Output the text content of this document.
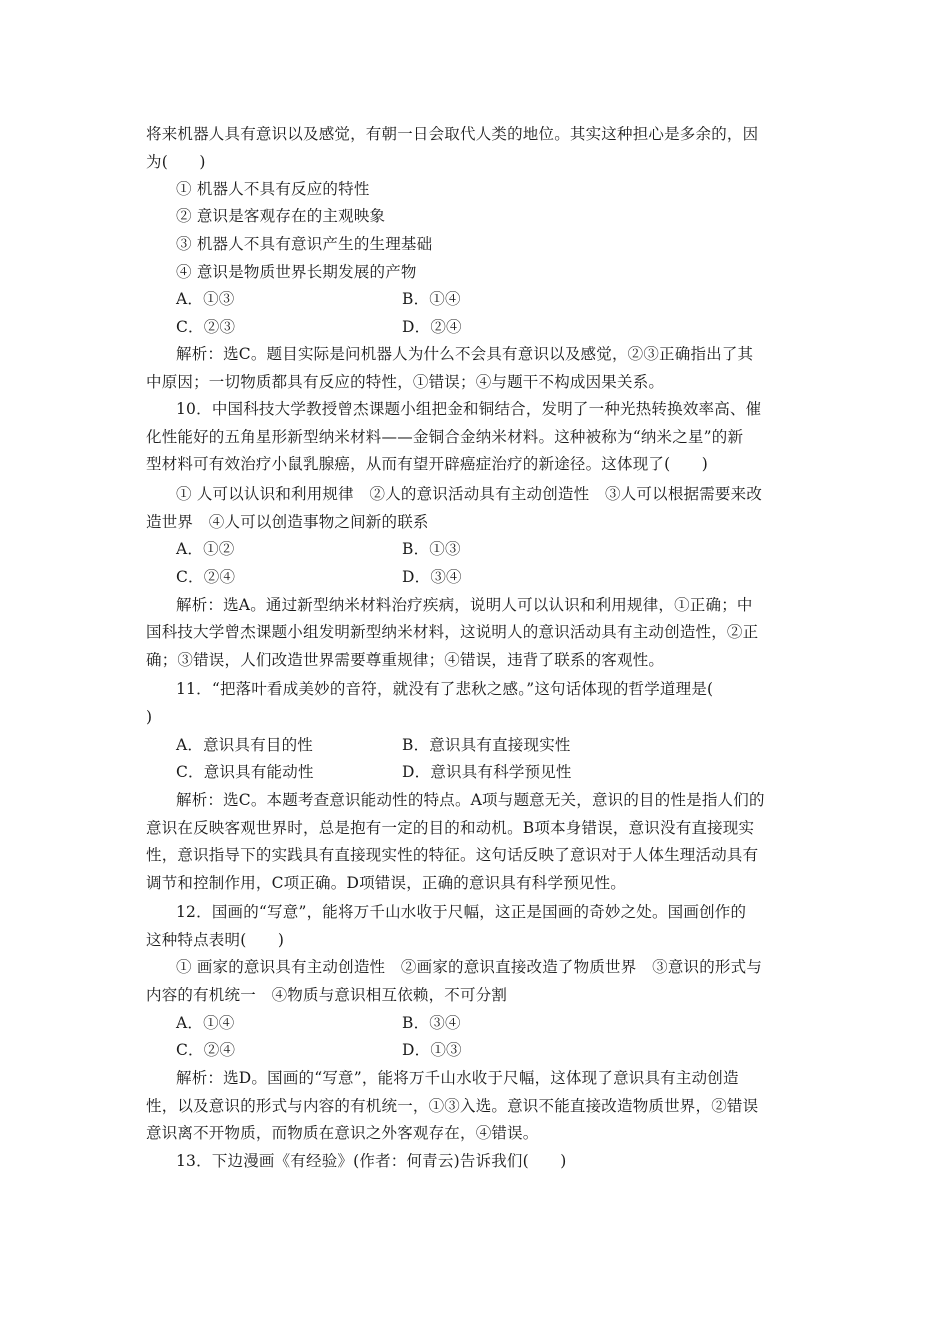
将来机器人具有意识以及感觉，有朝一日会取代人类的地位。其实这种担心是多余的，因
为(　　)
① 机器人不具有反应的特性
② 意识是客观存在的主观映象
③ 机器人不具有意识产生的生理基础
④ 意识是物质世界长期发展的产物
A．①③	B．①④
C．②③	D．②④
解析：选C。题目实际是问机器人为什么不会具有意识以及感觉，②③正确指出了其
中原因；一切物质都具有反应的特性，①错误；④与题干不构成因果关系。
10．中国科技大学教授曾杰课题小组把金和铜结合，发明了一种光热转换效率高、催
化性能好的五角星形新型纳米材料——金铜合金纳米材料。这种被称为“纳米之星”的新
型材料可有效治疗小鼠乳腺癌，从而有望开辟癌症治疗的新途径。这体现了(　　)
① 人可以认识和利用规律　②人的意识活动具有主动创造性　③人可以根据需要来改
造世界　④人可以创造事物之间新的联系
A．①②	B．①③
C．②④	D．③④
解析：选A。通过新型纳米材料治疗疾病，说明人可以认识和利用规律，①正确；中
国科技大学曾杰课题小组发明新型纳米材料，这说明人的意识活动具有主动创造性，②正
确；③错误，人们改造世界需要尊重规律；④错误，违背了联系的客观性。
11．“把落叶看成美妙的音符，就没有了悲秋之感。”这句话体现的哲学道理是(
)
A．意识具有目的性	B．意识具有直接现实性
C．意识具有能动性	D．意识具有科学预见性
解析：选C。本题考查意识能动性的特点。A项与题意无关，意识的目的性是指人们的
意识在反映客观世界时，总是抱有一定的目的和动机。B项本身错误，意识没有直接现实
性，意识指导下的实践具有直接现实性的特征。这句话反映了意识对于人体生理活动具有
调节和控制作用，C项正确。D项错误，正确的意识具有科学预见性。
12．国画的“写意”，能将万千山水收于尺幅，这正是国画的奇妙之处。国画创作的
这种特点表明(　　)
① 画家的意识具有主动创造性　②画家的意识直接改造了物质世界　③意识的形式与
内容的有机统一　④物质与意识相互依赖，不可分割
A．①④	B．③④
C．②④	D．①③
解析：选D。国画的“写意”，能将万千山水收于尺幅，这体现了意识具有主动创造
性，以及意识的形式与内容的有机统一，①③入选。意识不能直接改造物质世界，②错误
意识离不开物质，而物质在意识之外客观存在，④错误。
13．下边漫画《有经验》(作者：何青云)告诉我们(　　)
